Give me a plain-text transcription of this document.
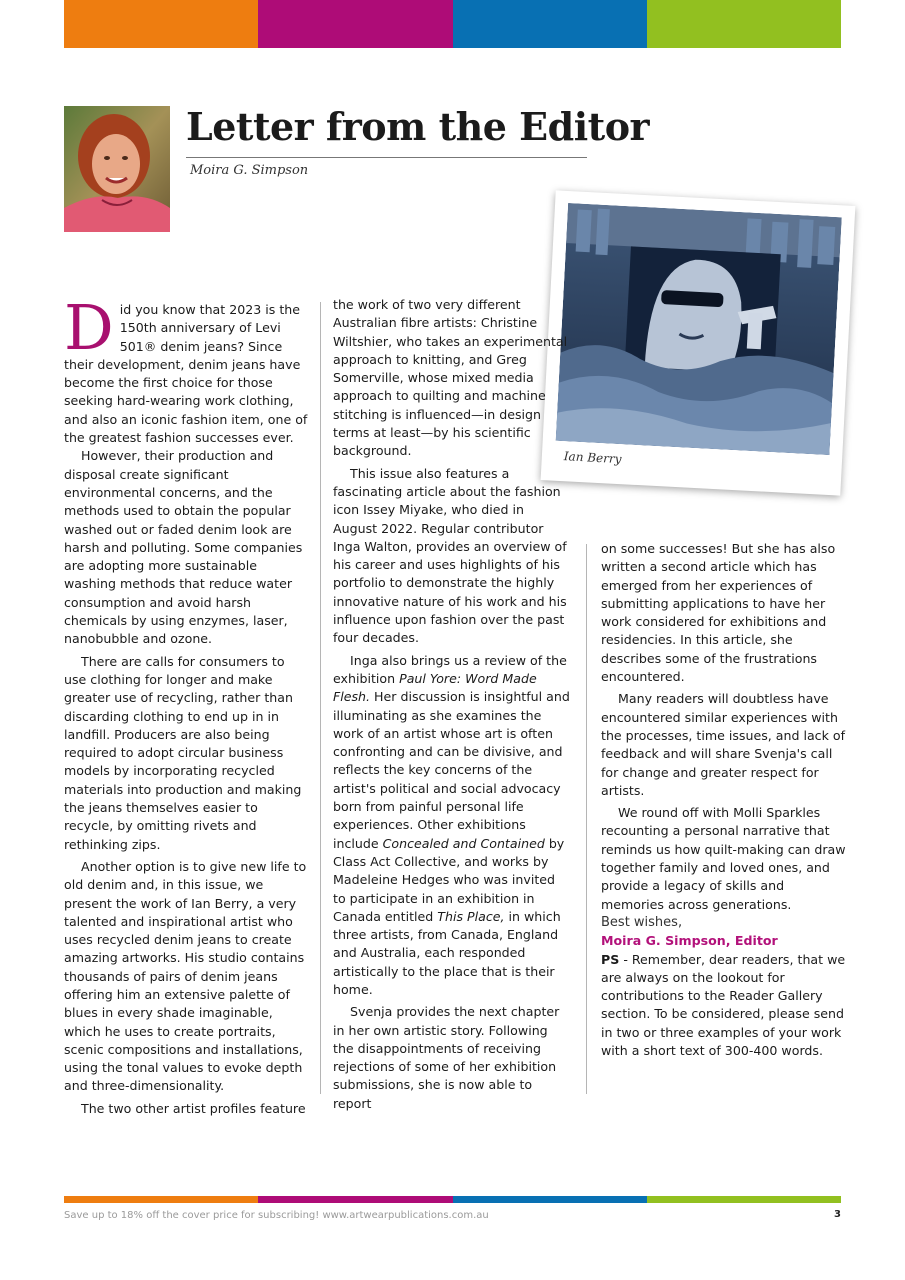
Letter from the Editor
Moira G. Simpson
Ian Berry

Did you know that 2023 is the 150th anniversary of Levi 501® denim jeans? Since their development, denim jeans have become the first choice for those seeking hard-wearing work clothing, and also an iconic fashion item, one of the greatest fashion successes ever.

However, their production and disposal create significant environmental concerns, and the methods used to obtain the popular washed out or faded denim look are harsh and polluting. Some companies are adopting more sustainable washing methods that reduce water consumption and avoid harsh chemicals by using enzymes, laser, nanobubble and ozone.

There are calls for consumers to use clothing for longer and make greater use of recycling, rather than discarding clothing to end up in in landfill. Producers are also being required to adopt circular business models by incorporating recycled materials into production and making the jeans themselves easier to recycle, by omitting rivets and rethinking zips.

Another option is to give new life to old denim and, in this issue, we present the work of Ian Berry, a very talented and inspirational artist who uses recycled denim jeans to create amazing artworks. His studio contains thousands of pairs of denim jeans offering him an extensive palette of blues in every shade imaginable, which he uses to create portraits, scenic compositions and installations, using the tonal values to evoke depth and three-dimensionality.

The two other artist profiles feature

the work of two very different Australian fibre artists: Christine Wiltshier, who takes an experimental approach to knitting, and Greg Somerville, whose mixed media approach to quilting and machine stitching is influenced—in design terms at least—by his scientific background.

This issue also features a fascinating article about the fashion icon Issey Miyake, who died in August 2022. Regular contributor Inga Walton, provides an overview of his career and uses highlights of his portfolio to demonstrate the highly innovative nature of his work and his influence upon fashion over the past four decades.

Inga also brings us a review of the exhibition Paul Yore: Word Made Flesh. Her discussion is insightful and illuminating as she examines the work of an artist whose art is often confronting and can be divisive, and reflects the key concerns of the artist's political and social advocacy born from painful personal life experiences. Other exhibitions include Concealed and Contained by Class Act Collective, and works by Madeleine Hedges who was invited to participate in an exhibition in Canada entitled This Place, in which three artists, from Canada, England and Australia, each responded artistically to the place that is their home.

Svenja provides the next chapter in her own artistic story. Following the disappointments of receiving rejections of some of her exhibition submissions, she is now able to report

on some successes! But she has also written a second article which has emerged from her experiences of submitting applications to have her work considered for exhibitions and residencies. In this article, she describes some of the frustrations encountered.

Many readers will doubtless have encountered similar experiences with the processes, time issues, and lack of feedback and will share Svenja's call for change and greater respect for artists.

We round off with Molli Sparkles recounting a personal narrative that reminds us how quilt-making can draw together family and loved ones, and provide a legacy of skills and memories across generations.

Best wishes,

Moira G. Simpson, Editor

PS - Remember, dear readers, that we are always on the lookout for contributions to the Reader Gallery section. To be considered, please send in two or three examples of your work with a short text of 300-400 words.

Save up to 18% off the cover price for subscribing! www.artwearpublications.com.au	3
